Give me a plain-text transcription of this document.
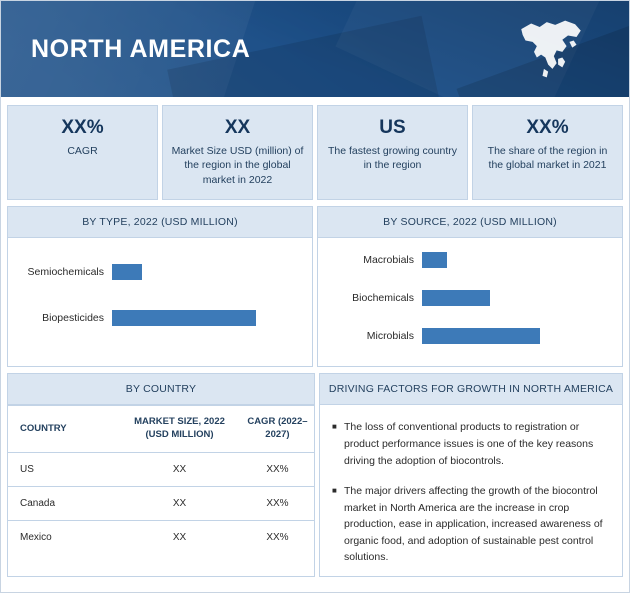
NORTH AMERICA
XX%
CAGR
XX
Market Size USD (million) of the region in the global market in 2022
US
The fastest growing country in the region
XX%
The share of the region in the global market in 2021
BY TYPE, 2022 (USD MILLION)
Semiochemicals
Biopesticides
BY SOURCE, 2022 (USD MILLION)
Macrobials
Biochemicals
Microbials
BY COUNTRY
COUNTRY	MARKET SIZE, 2022 (USD MILLION)	CAGR (2022–2027)
US	XX	XX%
Canada	XX	XX%
Mexico	XX	XX%
DRIVING FACTORS FOR GROWTH IN NORTH AMERICA
■ The loss of conventional products to registration or product performance issues is one of the key reasons driving the adoption of biocontrols.
■ The major drivers affecting the growth of the biocontrol market in North America are the increase in crop production, ease in application, increased awareness of organic food, and adoption of sustainable pest control solutions.
